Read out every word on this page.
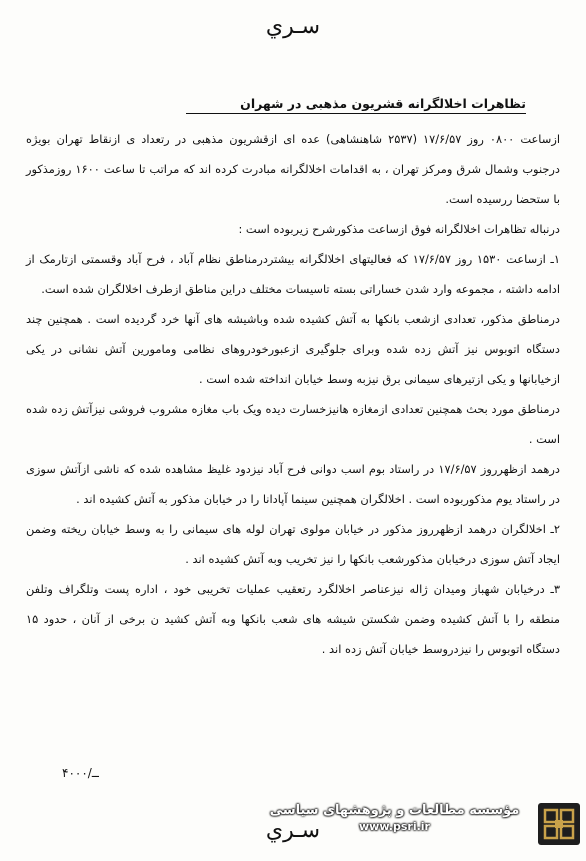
سـري
تظاهرات اخلالگرانه قشریون مذهبی در شهران

ازساعت ۰۸۰۰ روز ۱۷/۶/۵۷ (۲۵۳۷ شاهنشاهی) عده ای ازقشریون مذهبی در رتعداد ی ازنقاط تهران بویژه درجنوب وشمال شرق ومرکز تهران ، به اقدامات اخلالگرانه مبادرت کرده اند که مراتب تا ساعت ۱۶۰۰ روزمذکور با ستحضا ررسیده است.

درنباله تظاهرات اخلالگرانه فوق ازساعت مذکورشرح زیربوده است :

۱ـ ازساعت ۱۵۳۰ روز ۱۷/۶/۵۷ که فعالیتهای اخلالگرانه بیشتردرمناطق نظام آباد ، فرح آباد وقسمتی ازتارمک از ادامه داشته ، مجموعه وارد شدن خساراتی بسته تاسیسات مختلف دراین مناطق ازطرف اخلالگران شده است.

درمناطق مذکور، تعدادی ازشعب بانکها به آتش کشیده شده وباشیشه های آنها خرد گردیده است . همچنین چند دستگاه اتوبوس نیز آتش زده شده وبرای جلوگیری ازعبورخودروهای نظامی ومامورین آتش نشانی در یکی ازخیابانها و یکی ازتیرهای سیمانی برق نیزبه وسط خیابان انداخته شده است .

درمناطق مورد بحث همچنین تعدادی ازمغازه هانیزخسارت دیده ویک باب مغازه مشروب فروشی نیزآتش زده شده است .

درهمد ازظهرروز ۱۷/۶/۵۷ در راستاد بوم اسب دوانی فرح آباد نیزدود غلیظ مشاهده شده که ناشی ازآتش سوزی در راستاد یوم مذکوربوده است . اخلالگران همچنین سینما آپادانا را در خیابان مذکور به آتش کشیده اند .

۲ـ اخلالگران درهمد ازظهرروز مذکور در خیابان مولوی تهران لوله های سیمانی را به وسط خیابان ریخته وضمن ایجاد آتش سوزی درخیابان مذکورشعب بانکها را نیز تخریب وبه آتش کشیده اند .

۳ـ درخیابان شهباز ومیدان ژاله نیزعناصر اخلالگرد رتعقیب عملیات تخریبی خود ، اداره پست وتلگراف وتلفن منطقه را با آتش کشیده وضمن شکستن شیشه های شعب بانکها وبه آتش کشید ن برخی از آنان ، حدود ۱۵ دستگاه اتوبوس را نیزدروسط خیابان آتش زده اند .

۴ــ/۰۰۰
سـري
مؤسسه مطالعات و پژوهشهای سیاسی
www.psri.ir
